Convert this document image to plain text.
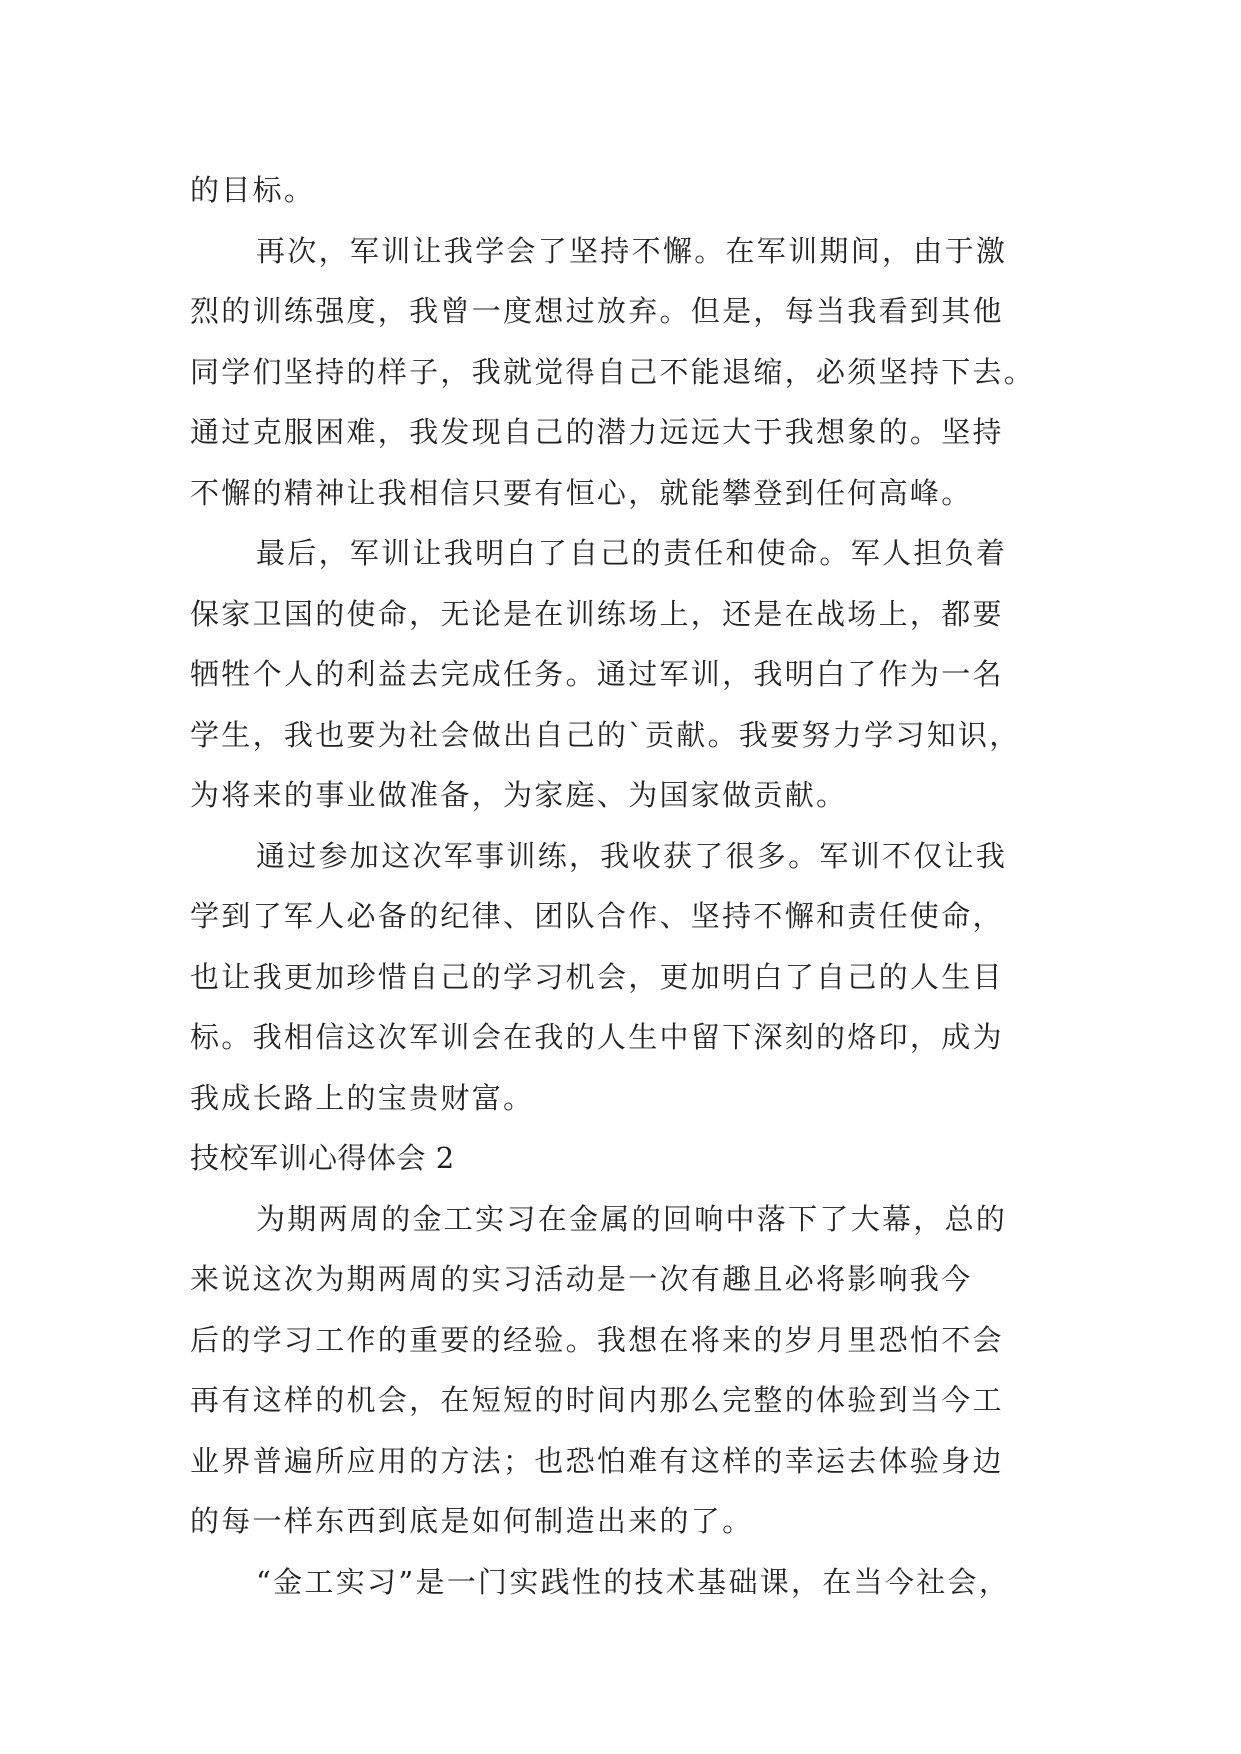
的目标。
再次，军训让我学会了坚持不懈。在军训期间，由于激
烈的训练强度，我曾一度想过放弃。但是，每当我看到其他
同学们坚持的样子，我就觉得自己不能退缩，必须坚持下去。
通过克服困难，我发现自己的潜力远远大于我想象的。坚持
不懈的精神让我相信只要有恒心，就能攀登到任何高峰。
最后，军训让我明白了自己的责任和使命。军人担负着
保家卫国的使命，无论是在训练场上，还是在战场上，都要
牺牲个人的利益去完成任务。通过军训，我明白了作为一名
学生，我也要为社会做出自己的`贡献。我要努力学习知识，
为将来的事业做准备，为家庭、为国家做贡献。
通过参加这次军事训练，我收获了很多。军训不仅让我
学到了军人必备的纪律、团队合作、坚持不懈和责任使命，
也让我更加珍惜自己的学习机会，更加明白了自己的人生目
标。我相信这次军训会在我的人生中留下深刻的烙印，成为
我成长路上的宝贵财富。
技校军训心得体会 2
为期两周的金工实习在金属的回响中落下了大幕，总的
来说这次为期两周的实习活动是一次有趣且必将影响我今
后的学习工作的重要的经验。我想在将来的岁月里恐怕不会
再有这样的机会，在短短的时间内那么完整的体验到当今工
业界普遍所应用的方法；也恐怕难有这样的幸运去体验身边
的每一样东西到底是如何制造出来的了。
“金工实习”是一门实践性的技术基础课，在当今社会，
